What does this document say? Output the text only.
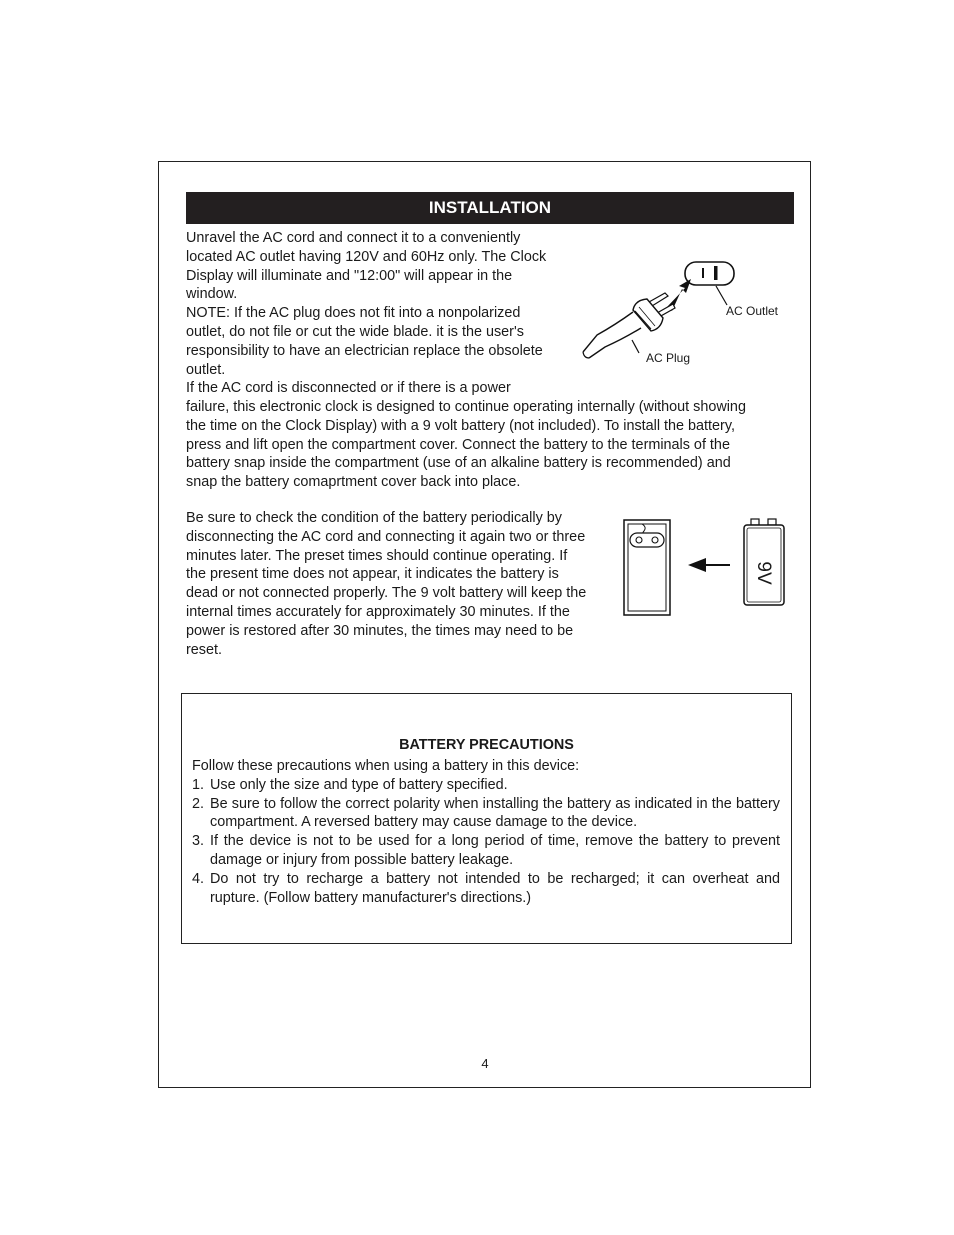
INSTALLATION
Unravel the AC cord and connect it to a conveniently
located AC outlet having 120V and 60Hz only. The Clock
Display will illuminate and "12:00" will appear in the
window.
NOTE: If the AC plug does not fit into a nonpolarized
outlet, do not file or cut the wide blade. it is the user's
responsibility to have an electrician replace the obsolete
outlet.
If the AC cord is disconnected or if there is a power
failure, this electronic clock is designed to continue operating internally (without showing
the time on the Clock Display) with a 9 volt battery (not included). To install the battery,
press and lift open the compartment cover. Connect the battery to the terminals of the
battery snap inside the compartment (use of an alkaline battery is recommended) and
snap the battery comaprtment cover back into place.
AC Outlet
AC Plug
Be sure to check the condition of the battery periodically by
disconnecting the AC cord and connecting it again two or three
minutes later. The preset times should continue operating. If
the present time does not appear, it indicates the battery is
dead or not connected properly. The 9 volt battery will keep the
internal times accurately for approximately 30 minutes. If the
power is restored after 30 minutes, the times may need to be
reset.
9V
BATTERY PRECAUTIONS
Follow these precautions when using a battery in this device:
1. Use only the size and type of battery specified.
2. Be sure to follow the correct polarity when installing the battery as indicated in the battery compartment. A reversed battery may cause damage to the device.
3. If the device is not to be used for a long period of time, remove the battery to prevent damage or injury from possible battery leakage.
4. Do not try to recharge a battery not intended to be recharged; it can overheat and rupture. (Follow battery manufacturer's directions.)
4
